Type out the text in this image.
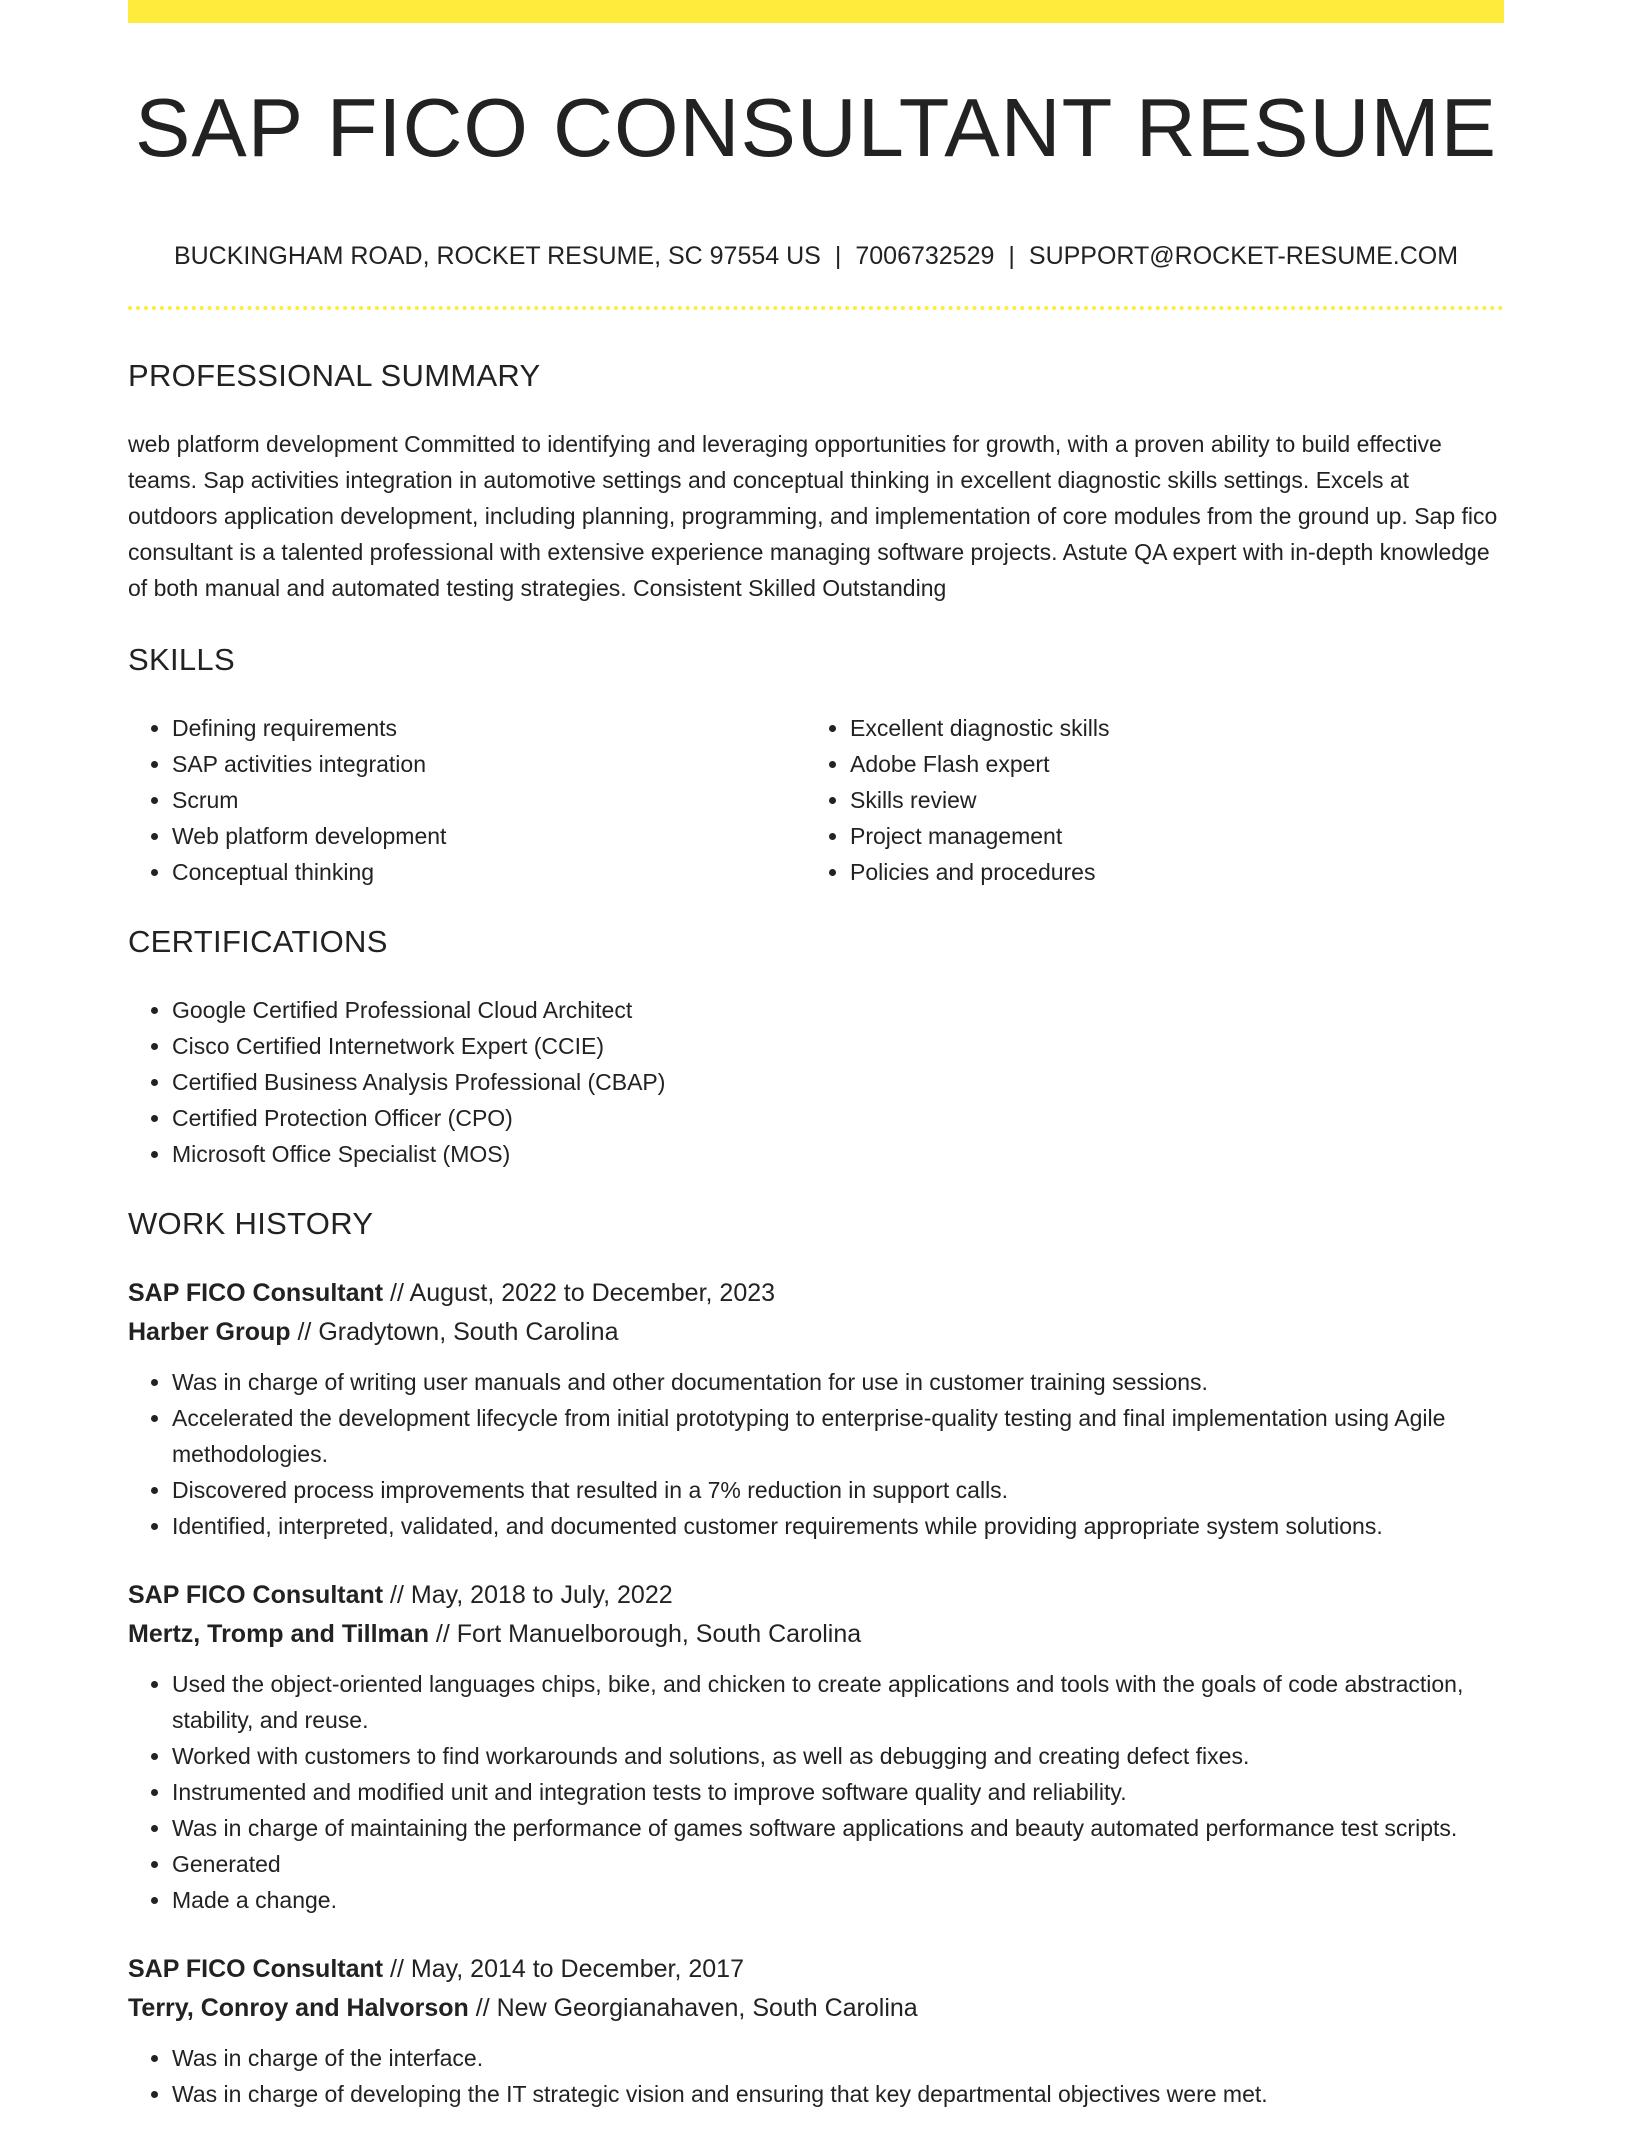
SAP FICO CONSULTANT RESUME
BUCKINGHAM ROAD, ROCKET RESUME, SC 97554 US | 7006732529 | SUPPORT@ROCKET-RESUME.COM
PROFESSIONAL SUMMARY

web platform development Committed to identifying and leveraging opportunities for growth, with a proven ability to build effective teams. Sap activities integration in automotive settings and conceptual thinking in excellent diagnostic skills settings. Excels at outdoors application development, including planning, programming, and implementation of core modules from the ground up. Sap fico consultant is a talented professional with extensive experience managing software projects. Astute QA expert with in-depth knowledge of both manual and automated testing strategies. Consistent Skilled Outstanding

SKILLS
• Defining requirements
• SAP activities integration
• Scrum
• Web platform development
• Conceptual thinking
• Excellent diagnostic skills
• Adobe Flash expert
• Skills review
• Project management
• Policies and procedures
CERTIFICATIONS
• Google Certified Professional Cloud Architect
• Cisco Certified Internetwork Expert (CCIE)
• Certified Business Analysis Professional (CBAP)
• Certified Protection Officer (CPO)
• Microsoft Office Specialist (MOS)
WORK HISTORY
SAP FICO Consultant // August, 2022 to December, 2023
Harber Group // Gradytown, South Carolina
• Was in charge of writing user manuals and other documentation for use in customer training sessions.
• Accelerated the development lifecycle from initial prototyping to enterprise-quality testing and final implementation using Agile methodologies.
• Discovered process improvements that resulted in a 7% reduction in support calls.
• Identified, interpreted, validated, and documented customer requirements while providing appropriate system solutions.
SAP FICO Consultant // May, 2018 to July, 2022
Mertz, Tromp and Tillman // Fort Manuelborough, South Carolina
• Used the object-oriented languages chips, bike, and chicken to create applications and tools with the goals of code abstraction, stability, and reuse.
• Worked with customers to find workarounds and solutions, as well as debugging and creating defect fixes.
• Instrumented and modified unit and integration tests to improve software quality and reliability.
• Was in charge of maintaining the performance of games software applications and beauty automated performance test scripts.
• Generated
• Made a change.
SAP FICO Consultant // May, 2014 to December, 2017
Terry, Conroy and Halvorson // New Georgianahaven, South Carolina
• Was in charge of the interface.
• Was in charge of developing the IT strategic vision and ensuring that key departmental objectives were met.
